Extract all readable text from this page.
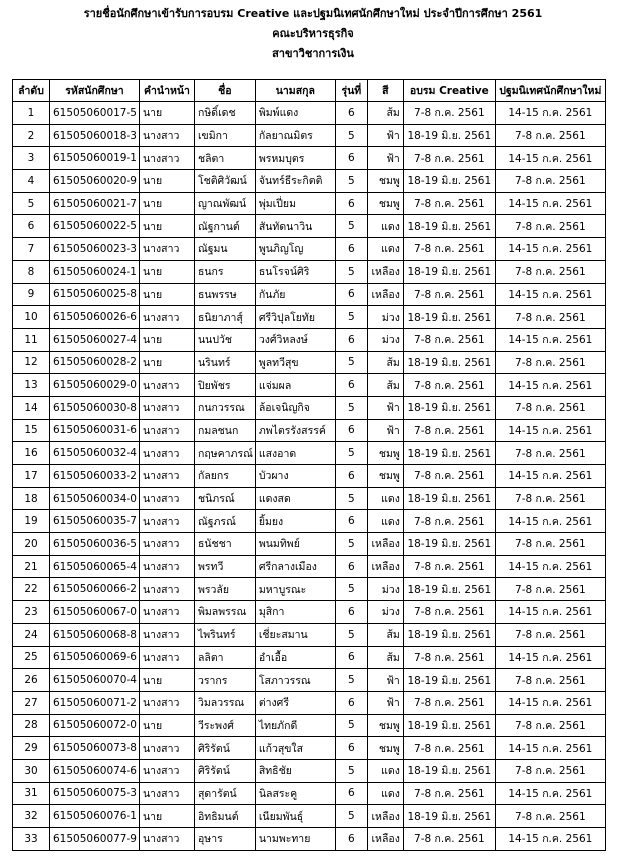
รายชื่อนักศึกษาเข้ารับการอบรม Creative และปฐมนิเทศนักศึกษาใหม่ ประจำปีการศึกษา 2561
คณะบริหารธุรกิจ
สาขาวิชาการเงิน
ลำดับ	รหัสนักศึกษา	คำนำหน้า	ชื่อ	นามสกุล	รุ่นที่	สี	อบรม Creative	ปฐมนิเทศนักศึกษาใหม่
1	61505060017-5	นาย	กษิดิ์เดช	พิมพ์แดง	6	ส้ม	7-8 ก.ค. 2561	14-15 ก.ค. 2561
2	61505060018-3	นางสาว	เขมิกา	กัลยาณมิตร	5	ฟ้า	18-19 มิ.ย. 2561	7-8 ก.ค. 2561
3	61505060019-1	นางสาว	ชลิตา	พรหมบุตร	6	ฟ้า	7-8 ก.ค. 2561	14-15 ก.ค. 2561
4	61505060020-9	นาย	โชติศิวัฒน์	จันทร์ธีระกิตติ	5	ชมพู	18-19 มิ.ย. 2561	7-8 ก.ค. 2561
5	61505060021-7	นาย	ญาณพัฒน์	พุ่มเปี่ยม	6	ชมพู	7-8 ก.ค. 2561	14-15 ก.ค. 2561
6	61505060022-5	นาย	ณัฐกานต์	สันทัดนาวิน	5	แดง	18-19 มิ.ย. 2561	7-8 ก.ค. 2561
7	61505060023-3	นางสาว	ณัฐมน	พูนภิญโญ	6	แดง	7-8 ก.ค. 2561	14-15 ก.ค. 2561
8	61505060024-1	นาย	ธนกร	ธนโรจน์ศิริ	5	เหลือง	18-19 มิ.ย. 2561	7-8 ก.ค. 2561
9	61505060025-8	นาย	ธนพรรษ	กันภัย	6	เหลือง	7-8 ก.ค. 2561	14-15 ก.ค. 2561
10	61505060026-6	นางสาว	ธนิยาภาสุ์	ศรีวิปุลโยทัย	5	ม่วง	18-19 มิ.ย. 2561	7-8 ก.ค. 2561
11	61505060027-4	นาย	นนปวัช	วงศ์วิหลงษ์	6	ม่วง	7-8 ก.ค. 2561	14-15 ก.ค. 2561
12	61505060028-2	นาย	นรินทร์	พูลทวีสุข	5	ส้ม	18-19 มิ.ย. 2561	7-8 ก.ค. 2561
13	61505060029-0	นางสาว	ปิยพัชร	แจ่มผล	6	ส้ม	7-8 ก.ค. 2561	14-15 ก.ค. 2561
14	61505060030-8	นางสาว	กนกวรรณ	ล้อเจนิญกิจ	5	ฟ้า	18-19 มิ.ย. 2561	7-8 ก.ค. 2561
15	61505060031-6	นางสาว	กมลชนก	ภพไตรรังสรรค์	6	ฟ้า	7-8 ก.ค. 2561	14-15 ก.ค. 2561
16	61505060032-4	นางสาว	กฤษคาภรณ์	แสงอาด	5	ชมพู	18-19 มิ.ย. 2561	7-8 ก.ค. 2561
17	61505060033-2	นางสาว	กัลยกร	บัวผาง	6	ชมพู	7-8 ก.ค. 2561	14-15 ก.ค. 2561
18	61505060034-0	นางสาว	ชนิภรณ์	แดงสด	5	แดง	18-19 มิ.ย. 2561	7-8 ก.ค. 2561
19	61505060035-7	นางสาว	ณัฐภรณ์	ยิ้มยง	6	แดง	7-8 ก.ค. 2561	14-15 ก.ค. 2561
20	61505060036-5	นางสาว	ธนัชชา	พนมทิพย์	5	เหลือง	18-19 มิ.ย. 2561	7-8 ก.ค. 2561
21	61505060065-4	นางสาว	พรทวี	ศรีกลางเมือง	6	เหลือง	7-8 ก.ค. 2561	14-15 ก.ค. 2561
22	61505060066-2	นางสาว	พรวลัย	มหาบูรณะ	5	ม่วง	18-19 มิ.ย. 2561	7-8 ก.ค. 2561
23	61505060067-0	นางสาว	พิมลพรรณ	มุสิกา	6	ม่วง	7-8 ก.ค. 2561	14-15 ก.ค. 2561
24	61505060068-8	นางสาว	ไพรินทร์	เชี่ยะสมาน	5	ส้ม	18-19 มิ.ย. 2561	7-8 ก.ค. 2561
25	61505060069-6	นางสาว	ลลิตา	อำเอื้อ	6	ส้ม	7-8 ก.ค. 2561	14-15 ก.ค. 2561
26	61505060070-4	นาย	วรากร	โสภาวรรณ	5	ฟ้า	18-19 มิ.ย. 2561	7-8 ก.ค. 2561
27	61505060071-2	นางสาว	วิมลวรรณ	ต่างศรี	6	ฟ้า	7-8 ก.ค. 2561	14-15 ก.ค. 2561
28	61505060072-0	นาย	วีระพงศ์	ไทยภักดี	5	ชมพู	18-19 มิ.ย. 2561	7-8 ก.ค. 2561
29	61505060073-8	นางสาว	ศิริรัตน์	แก้วสุขใส	6	ชมพู	7-8 ก.ค. 2561	14-15 ก.ค. 2561
30	61505060074-6	นางสาว	ศิริรัตน์	สิทธิชัย	5	แดง	18-19 มิ.ย. 2561	7-8 ก.ค. 2561
31	61505060075-3	นางสาว	สุดารัตน์	นิลสระคู	6	แดง	7-8 ก.ค. 2561	14-15 ก.ค. 2561
32	61505060076-1	นาย	อิทธิมนต์	เนียมพันธุ์	5	เหลือง	18-19 มิ.ย. 2561	7-8 ก.ค. 2561
33	61505060077-9	นางสาว	อุษาร	นามพะทาย	6	เหลือง	7-8 ก.ค. 2561	14-15 ก.ค. 2561
